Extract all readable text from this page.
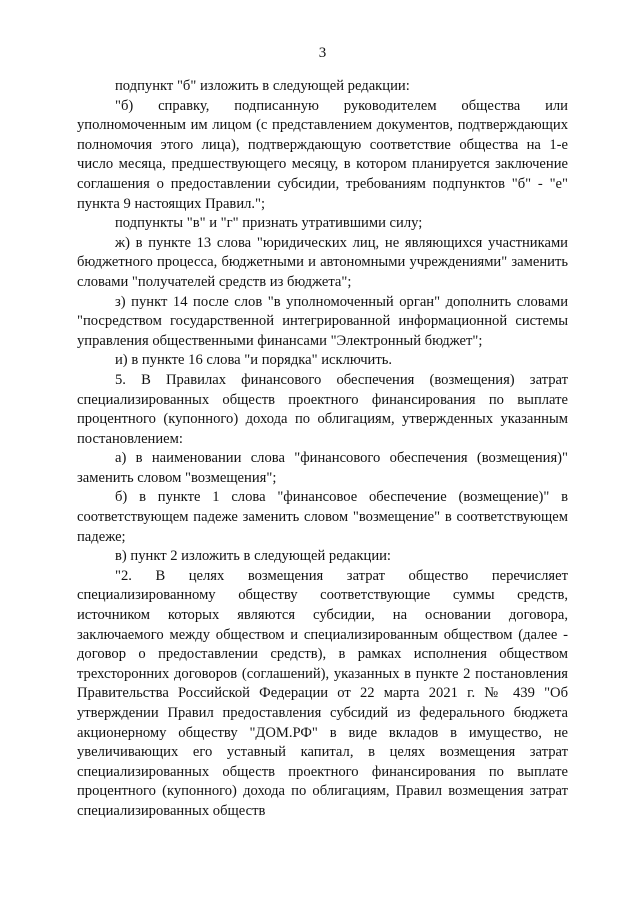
3

подпункт "б" изложить в следующей редакции:

"б) справку, подписанную руководителем общества или уполномоченным им лицом (с представлением документов, подтверждающих полномочия этого лица), подтверждающую соответствие общества на 1-е число месяца, предшествующего месяцу, в котором планируется заключение соглашения о предоставлении субсидии, требованиям подпунктов "б" - "е" пункта 9 настоящих Правил.";

подпункты "в" и "г" признать утратившими силу;

ж) в пункте 13 слова "юридических лиц, не являющихся участниками бюджетного процесса, бюджетными и автономными учреждениями" заменить словами "получателей средств из бюджета";

з) пункт 14 после слов "в уполномоченный орган" дополнить словами "посредством государственной интегрированной информационной системы управления общественными финансами "Электронный бюджет";

и) в пункте 16 слова "и порядка" исключить.

5. В Правилах финансового обеспечения (возмещения) затрат специализированных обществ проектного финансирования по выплате процентного (купонного) дохода по облигациям, утвержденных указанным постановлением:

а) в наименовании слова "финансового обеспечения (возмещения)" заменить словом "возмещения";

б) в пункте 1 слова "финансовое обеспечение (возмещение)" в соответствующем падеже заменить словом "возмещение" в соответствующем падеже;

в) пункт 2 изложить в следующей редакции:

"2. В целях возмещения затрат общество перечисляет специализированному обществу соответствующие суммы средств, источником которых являются субсидии, на основании договора, заключаемого между обществом и специализированным обществом (далее - договор о предоставлении средств), в рамках исполнения обществом трехсторонних договоров (соглашений), указанных в пункте 2 постановления Правительства Российской Федерации от 22 марта 2021 г. № 439 "Об утверждении Правил предоставления субсидий из федерального бюджета акционерному обществу "ДОМ.РФ" в виде вкладов в имущество, не увеличивающих его уставный капитал, в целях возмещения затрат специализированных обществ проектного финансирования по выплате процентного (купонного) дохода по облигациям, Правил возмещения затрат специализированных обществ
